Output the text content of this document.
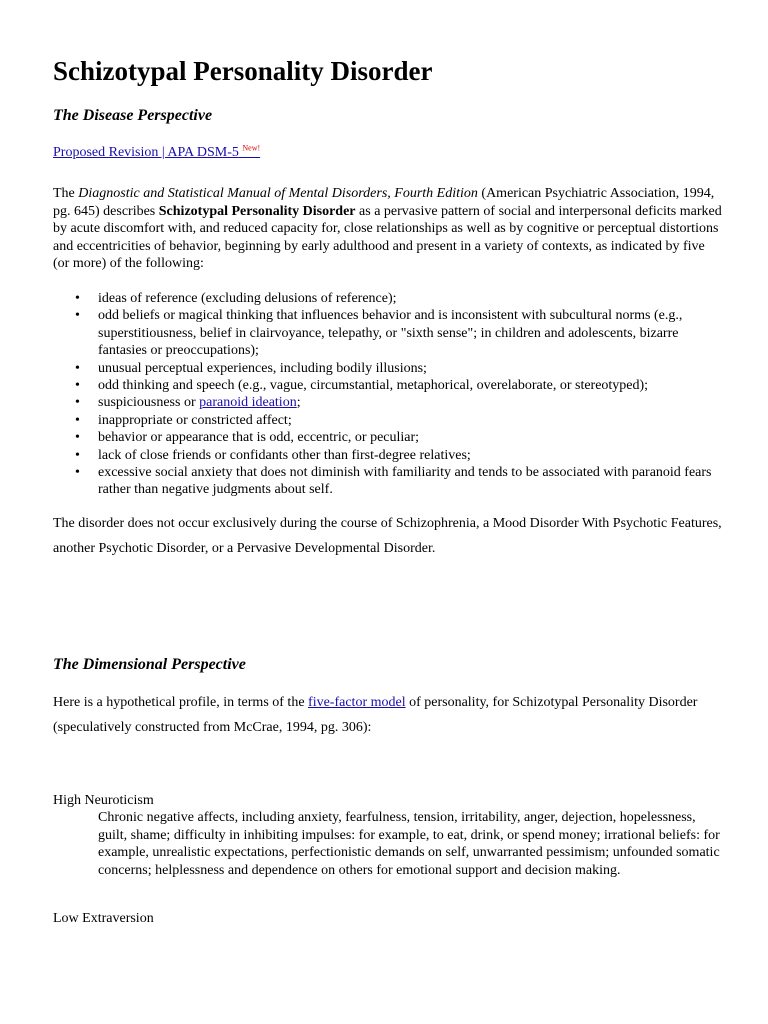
Schizotypal Personality Disorder
The Disease Perspective
Proposed Revision | APA DSM-5 $^{New!}$

The Diagnostic and Statistical Manual of Mental Disorders, Fourth Edition (American Psychiatric Association, 1994, pg. 645) describes Schizotypal Personality Disorder as a pervasive pattern of social and interpersonal deficits marked by acute discomfort with, and reduced capacity for, close relationships as well as by cognitive or perceptual distortions and eccentricities of behavior, beginning by early adulthood and present in a variety of contexts, as indicated by five (or more) of the following:

• ideas of reference (excluding delusions of reference);
• odd beliefs or magical thinking that influences behavior and is inconsistent with subcultural norms (e.g., superstitiousness, belief in clairvoyance, telepathy, or "sixth sense"; in children and adolescents, bizarre fantasies or preoccupations);
• unusual perceptual experiences, including bodily illusions;
• odd thinking and speech (e.g., vague, circumstantial, metaphorical, overelaborate, or stereotyped);
• suspiciousness or paranoid ideation;
• inappropriate or constricted affect;
• behavior or appearance that is odd, eccentric, or peculiar;
• lack of close friends or confidants other than first-degree relatives;
• excessive social anxiety that does not diminish with familiarity and tends to be associated with paranoid fears rather than negative judgments about self.

The disorder does not occur exclusively during the course of Schizophrenia, a Mood Disorder With Psychotic Features, another Psychotic Disorder, or a Pervasive Developmental Disorder.

The Dimensional Perspective

Here is a hypothetical profile, in terms of the five-factor model of personality, for Schizotypal Personality Disorder (speculatively constructed from McCrae, 1994, pg. 306):

High Neuroticism
Chronic negative affects, including anxiety, fearfulness, tension, irritability, anger, dejection, hopelessness, guilt, shame; difficulty in inhibiting impulses: for example, to eat, drink, or spend money; irrational beliefs: for example, unrealistic expectations, perfectionistic demands on self, unwarranted pessimism; unfounded somatic concerns; helplessness and dependence on others for emotional support and decision making.
Low Extraversion
